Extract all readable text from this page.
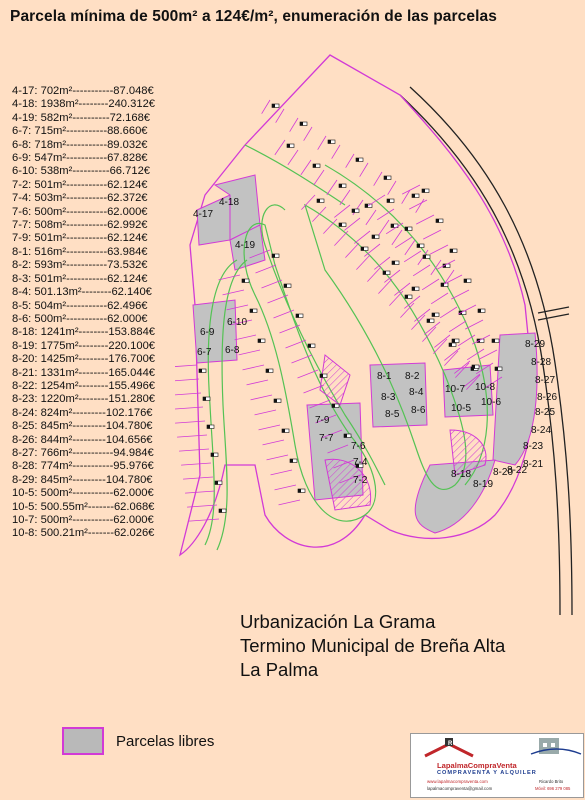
Parcela mínima de 500m² a 124€/m², enumeración de las parcelas
4-17: 702m²-----------87.048€
4-18: 1938m²--------240.312€
4-19: 582m²----------72.168€
6-7: 715m²-----------88.660€
6-8: 718m²-----------89.032€
6-9: 547m²-----------67.828€
6-10: 538m²----------66.712€
7-2: 501m²-----------62.124€
7-4: 503m²-----------62.372€
7-6: 500m²-----------62.000€
7-7: 508m²-----------62.992€
7-9: 501m²-----------62.124€
8-1: 516m²-----------63.984€
8-2: 593m²-----------73.532€
8-3: 501m²-----------62.124€
8-4: 501.13m²--------62.140€
8-5: 504m²-----------62.496€
8-6: 500m²-----------62.000€
8-18: 1241m²--------153.884€
8-19: 1775m²--------220.100€
8-20: 1425m²--------176.700€
8-21: 1331m²--------165.044€
8-22: 1254m²--------155.496€
8-23: 1220m²--------151.280€
8-24: 824m²---------102.176€
8-25: 845m²---------104.780€
8-26: 844m²---------104.656€
8-27: 766m²-----------94.984€
8-28: 774m²-----------95.976€
8-29: 845m²---------104.780€
10-5: 500m²-----------62.000€
10-5: 500.55m²-------62.068€
10-7: 500m²-----------62.000€
10-8: 500.21m²-------62.026€
4-17
4-18
4-19
6-9
6-10
6-7 6-8
8-1 8-2
8-3 8-4
8-5 8-6
10-7 10-8
10-5
10-6
7-9
7-7
7-6
7-4
7-2
8-29
8-28
8-27
8-26
8-25
8-24
8-23
8-22
8-21
8-20
8-19
8-18
Urbanización La Grama
Termino Municipal de Breña Alta
La Palma
Parcelas libres	R
LapalmaCompraVenta
COMPRAVENTA Y ALQUILER
www.lapalmacompraventa.com
lapalmacompraventa@gmail.com
Ricardo Brito
Móvil: 696 279 085
